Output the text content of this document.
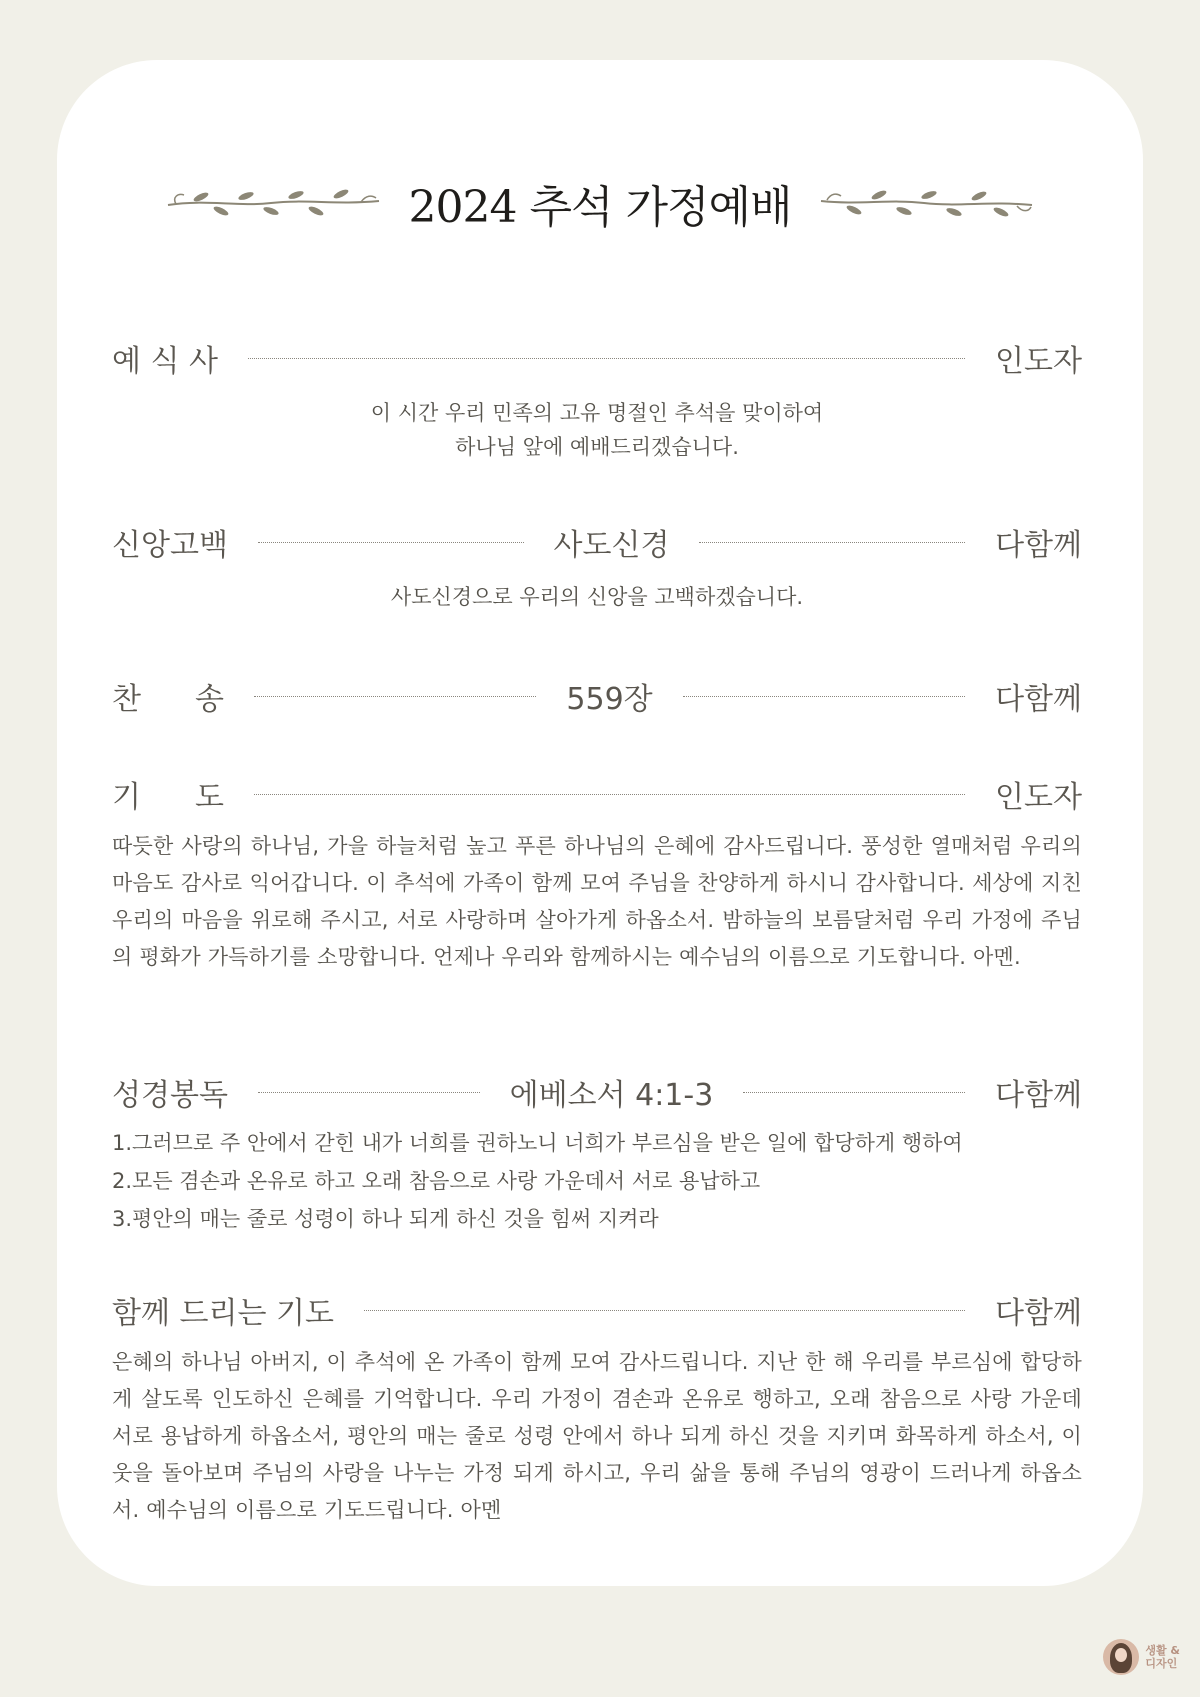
2024 추석 가정예배
예 식 사	인도자
이 시간 우리 민족의 고유 명절인 추석을 맞이하여
하나님 앞에 예배드리겠습니다.
신앙고백	사도신경	다함께
사도신경으로 우리의 신앙을 고백하겠습니다.
찬 송	559장	다함께
기 도	인도자
따듯한 사랑의 하나님, 가을 하늘처럼 높고 푸른 하나님의 은혜에 감사드립니다. 풍성한 열매처럼 우리의 마음도 감사로 익어갑니다. 이 추석에 가족이 함께 모여 주님을 찬양하게 하시니 감사합니다. 세상에 지친 우리의 마음을 위로해 주시고, 서로 사랑하며 살아가게 하옵소서. 밤하늘의 보름달처럼 우리 가정에 주님의 평화가 가득하기를 소망합니다. 언제나 우리와 함께하시는 예수님의 이름으로 기도합니다. 아멘.
성경봉독	에베소서 4:1-3	다함께
1.그러므로 주 안에서 갇힌 내가 너희를 권하노니 너희가 부르심을 받은 일에 합당하게 행하여
2.모든 겸손과 온유로 하고 오래 참음으로 사랑 가운데서 서로 용납하고
3.평안의 매는 줄로 성령이 하나 되게 하신 것을 힘써 지켜라
함께 드리는 기도	다함께
은혜의 하나님 아버지, 이 추석에 온 가족이 함께 모여 감사드립니다. 지난 한 해 우리를 부르심에 합당하게 살도록 인도하신 은혜를 기억합니다. 우리 가정이 겸손과 온유로 행하고, 오래 참음으로 사랑 가운데 서로 용납하게 하옵소서, 평안의 매는 줄로 성령 안에서 하나 되게 하신 것을 지키며 화목하게 하소서, 이웃을 돌아보며 주님의 사랑을 나누는 가정 되게 하시고, 우리 삶을 통해 주님의 영광이 드러나게 하옵소서. 예수님의 이름으로 기도드립니다. 아멘
생활 &
디자인
